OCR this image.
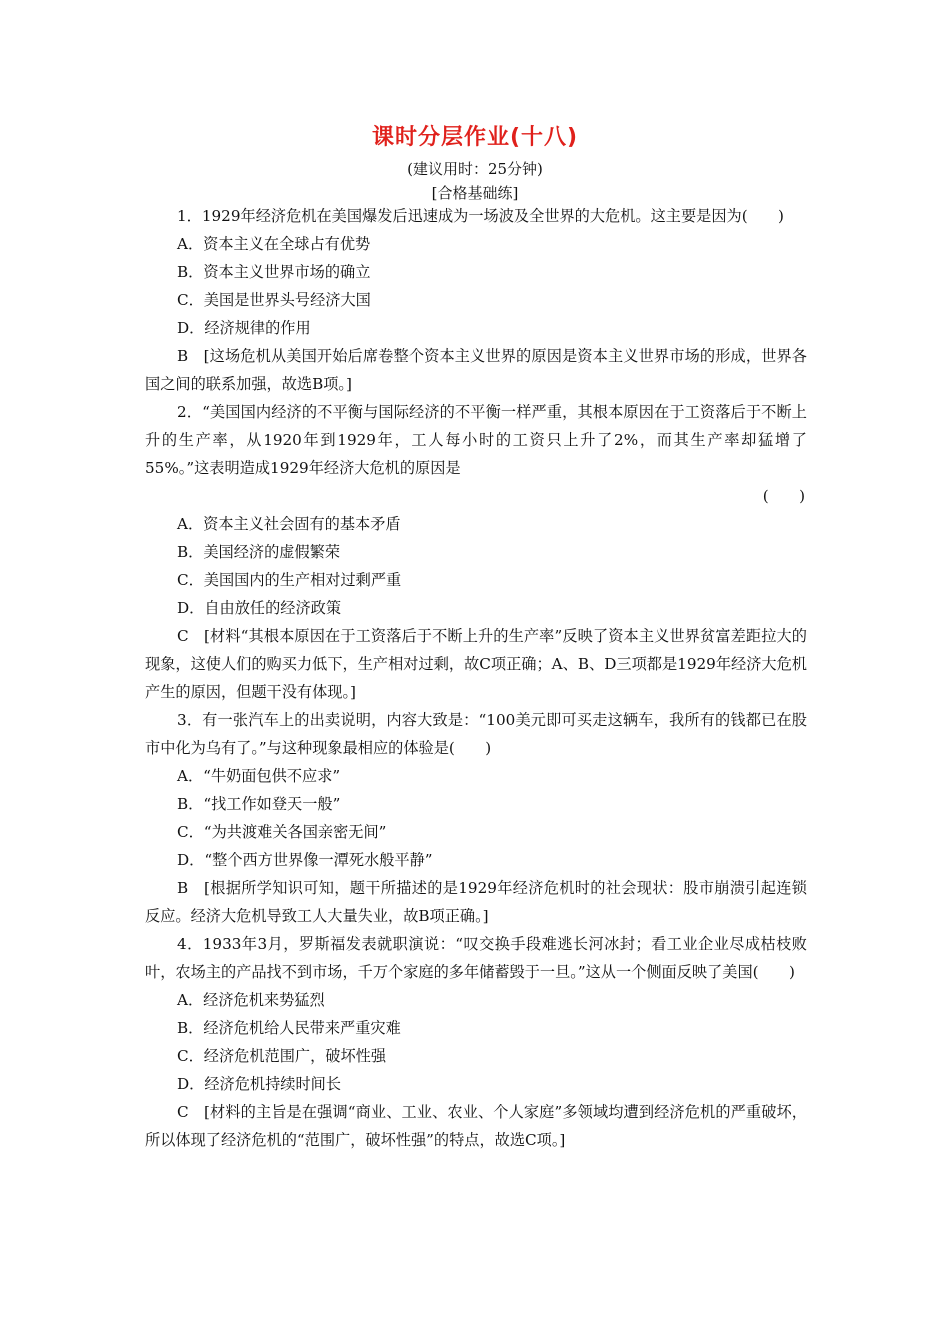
课时分层作业(十八)
(建议用时：25分钟)
[合格基础练]

1．1929年经济危机在美国爆发后迅速成为一场波及全世界的大危机。这主要是因为(　　)

A．资本主义在全球占有优势

B．资本主义世界市场的确立

C．美国是世界头号经济大国

D．经济规律的作用

B　[这场危机从美国开始后席卷整个资本主义世界的原因是资本主义世界市场的形成，世界各国之间的联系加强，故选B项。]

2．“美国国内经济的不平衡与国际经济的不平衡一样严重，其根本原因在于工资落后于不断上升的生产率，从1920年到1929年，工人每小时的工资只上升了2%，而其生产率却猛增了55%。”这表明造成1929年经济大危机的原因是

(　　)

A．资本主义社会固有的基本矛盾

B．美国经济的虚假繁荣

C．美国国内的生产相对过剩严重

D．自由放任的经济政策

C　[材料“其根本原因在于工资落后于不断上升的生产率”反映了资本主义世界贫富差距拉大的现象，这使人们的购买力低下，生产相对过剩，故C项正确；A、B、D三项都是1929年经济大危机产生的原因，但题干没有体现。]

3．有一张汽车上的出卖说明，内容大致是：“100美元即可买走这辆车，我所有的钱都已在股市中化为乌有了。”与这种现象最相应的体验是(　　)

A．“牛奶面包供不应求”

B．“找工作如登天一般”

C．“为共渡难关各国亲密无间”

D．“整个西方世界像一潭死水般平静”

B　[根据所学知识可知，题干所描述的是1929年经济危机时的社会现状：股市崩溃引起连锁反应。经济大危机导致工人大量失业，故B项正确。]

4．1933年3月，罗斯福发表就职演说：“叹交换手段难逃长河冰封；看工业企业尽成枯枝败叶，农场主的产品找不到市场，千万个家庭的多年储蓄毁于一旦。”这从一个侧面反映了美国(　　)

A．经济危机来势猛烈

B．经济危机给人民带来严重灾难

C．经济危机范围广，破坏性强

D．经济危机持续时间长

C　[材料的主旨是在强调“商业、工业、农业、个人家庭”多领域均遭到经济危机的严重破坏，所以体现了经济危机的“范围广，破坏性强”的特点，故选C项。]
